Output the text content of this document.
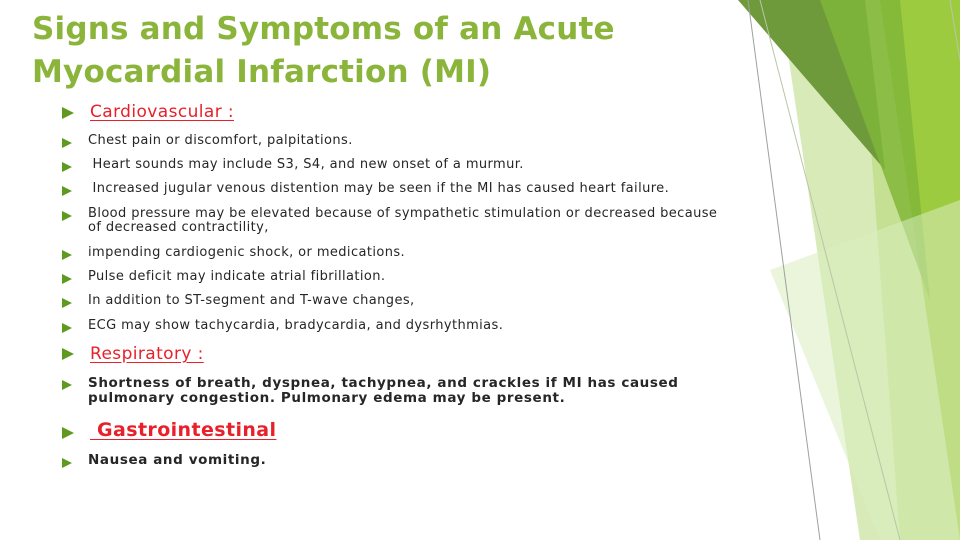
Signs and Symptoms of an Acute
Myocardial Infarction (MI)
Cardiovascular :
Chest pain or discomfort, palpitations.
Heart sounds may include S3, S4, and new onset of a murmur.
Increased jugular venous distention may be seen if the MI has caused heart failure.
Blood pressure may be elevated because of sympathetic stimulation or decreased because of decreased contractility,
impending cardiogenic shock, or medications.
Pulse deficit may indicate atrial fibrillation.
In addition to ST-segment and T-wave changes,
ECG may show tachycardia, bradycardia, and dysrhythmias.
Respiratory :
Shortness of breath, dyspnea, tachypnea, and crackles if MI has caused pulmonary congestion. Pulmonary edema may be present.
Gastrointestinal
Nausea and vomiting.
